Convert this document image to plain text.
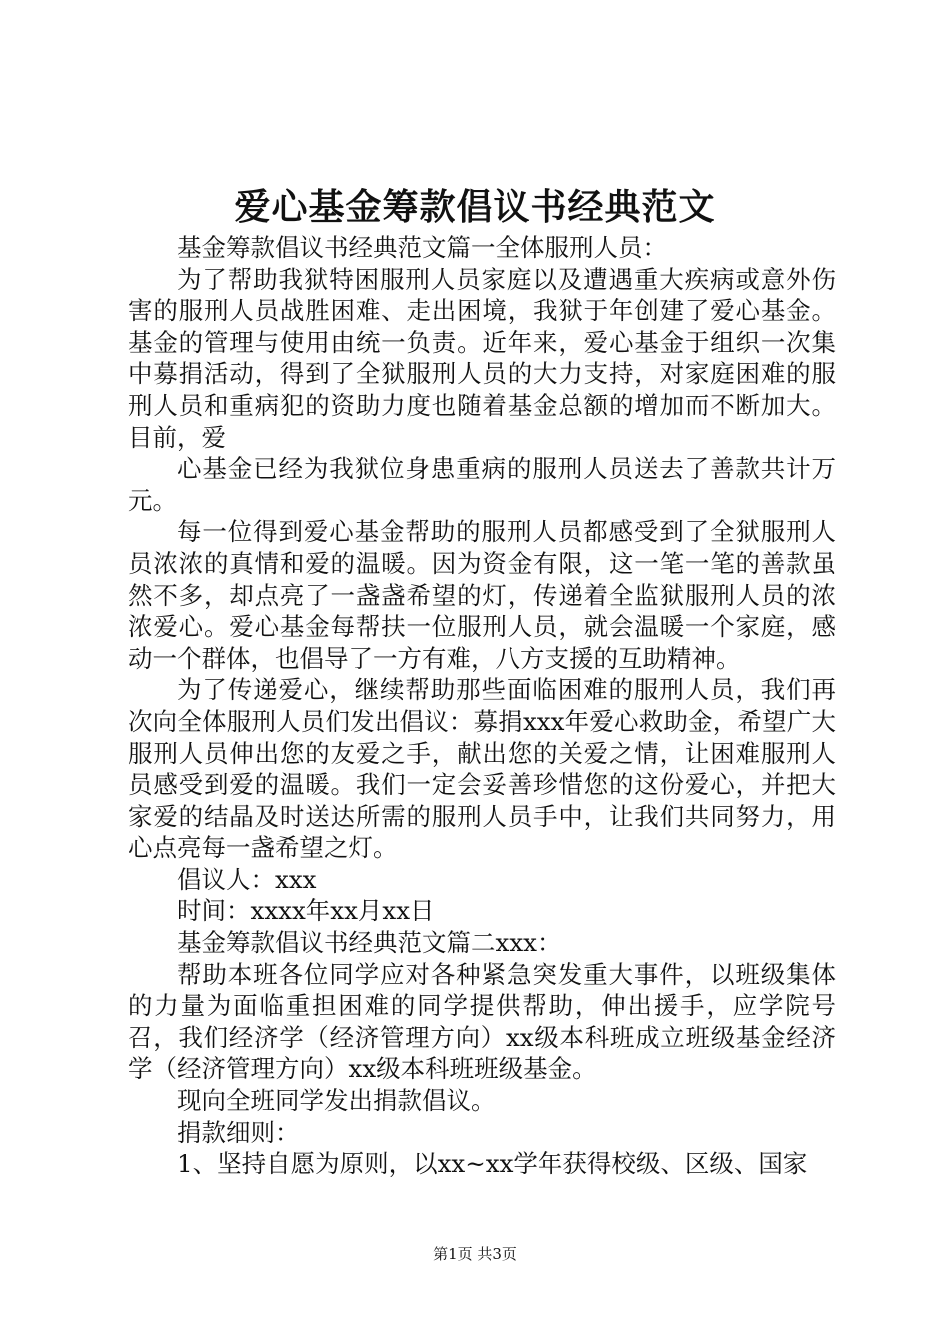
爱心基金筹款倡议书经典范文

基金筹款倡议书经典范文篇一全体服刑人员：

为了帮助我狱特困服刑人员家庭以及遭遇重大疾病或意外伤害的服刑人员战胜困难、走出困境，我狱于年创建了爱心基金。基金的管理与使用由统一负责。近年来，爱心基金于组织一次集中募捐活动，得到了全狱服刑人员的大力支持，对家庭困难的服刑人员和重病犯的资助力度也随着基金总额的增加而不断加大。目前，爱

心基金已经为我狱位身患重病的服刑人员送去了善款共计万元。

每一位得到爱心基金帮助的服刑人员都感受到了全狱服刑人员浓浓的真情和爱的温暖。因为资金有限，这一笔一笔的善款虽然不多，却点亮了一盏盏希望的灯，传递着全监狱服刑人员的浓浓爱心。爱心基金每帮扶一位服刑人员，就会温暖一个家庭，感动一个群体，也倡导了一方有难，八方支援的互助精神。

为了传递爱心，继续帮助那些面临困难的服刑人员，我们再次向全体服刑人员们发出倡议：募捐xxx年爱心救助金，希望广大服刑人员伸出您的友爱之手，献出您的关爱之情，让困难服刑人员感受到爱的温暖。我们一定会妥善珍惜您的这份爱心，并把大家爱的结晶及时送达所需的服刑人员手中，让我们共同努力，用心点亮每一盏希望之灯。

倡议人：xxx

时间：xxxx年xx月xx日

基金筹款倡议书经典范文篇二xxx：

帮助本班各位同学应对各种紧急突发重大事件，以班级集体的力量为面临重担困难的同学提供帮助，伸出援手，应学院号召，我们经济学（经济管理方向）xx级本科班成立班级基金经济学（经济管理方向）xx级本科班班级基金。

现向全班同学发出捐款倡议。

捐款细则：

1、坚持自愿为原则，以xx~xx学年获得校级、区级、国家

第1页 共3页
